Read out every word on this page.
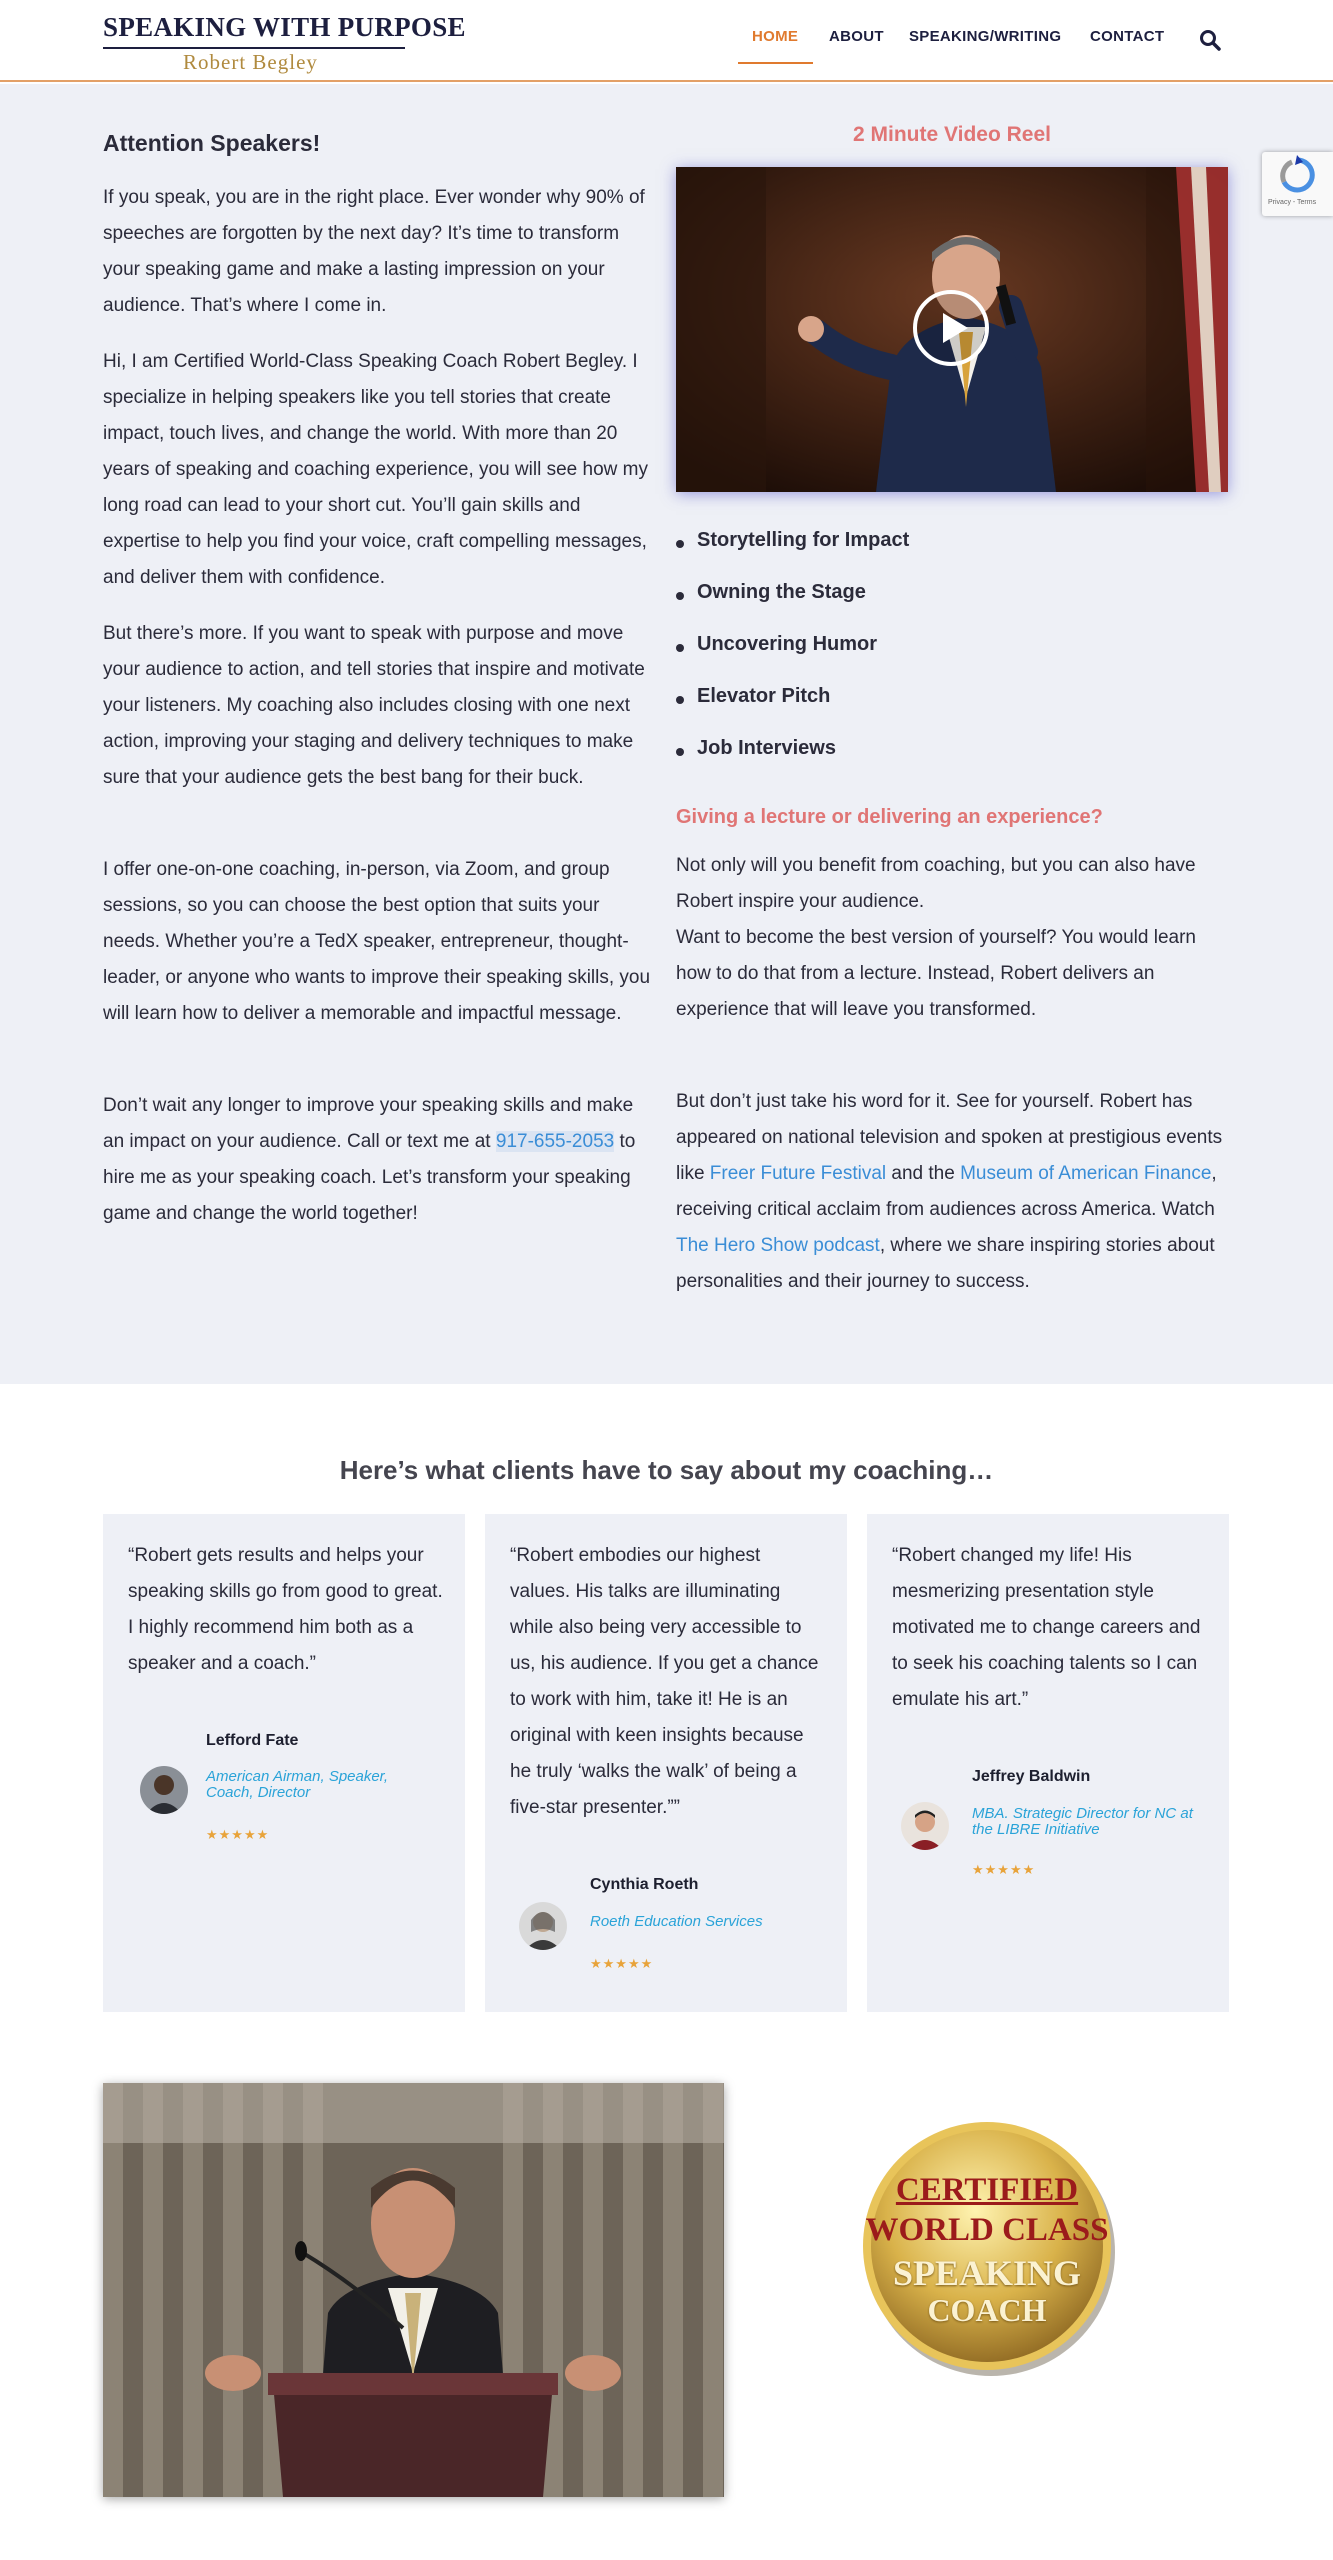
SPEAKING WITH PURPOSE
Robert Begley
HOME ABOUT SPEAKING/WRITING CONTACT
Attention Speakers!

If you speak, you are in the right place. Ever wonder why 90% of speeches are forgotten by the next day? It’s time to transform your speaking game and make a lasting impression on your audience. That’s where I come in.

Hi, I am Certified World-Class Speaking Coach Robert Begley. I specialize in helping speakers like you tell stories that create impact, touch lives, and change the world. With more than 20 years of speaking and coaching experience, you will see how my long road can lead to your short cut. You’ll gain skills and expertise to help you find your voice, craft compelling messages, and deliver them with confidence.

But there’s more. If you want to speak with purpose and move your audience to action, and tell stories that inspire and motivate your listeners. My coaching also includes closing with one next action, improving your staging and delivery techniques to make sure that your audience gets the best bang for their buck.

I offer one-on-one coaching, in-person, via Zoom, and group sessions, so you can choose the best option that suits your needs. Whether you’re a TedX speaker, entrepreneur, thought-leader, or anyone who wants to improve their speaking skills, you will learn how to deliver a memorable and impactful message.

Don’t wait any longer to improve your speaking skills and make an impact on your audience. Call or text me at 917-655-2053 to hire me as your speaking coach. Let’s transform your speaking game and change the world together!

2 Minute Video Reel
Privacy - Terms
Storytelling for Impact
Owning the Stage
Uncovering Humor
Elevator Pitch
Job Interviews
Giving a lecture or delivering an experience?

Not only will you benefit from coaching, but you can also have Robert inspire your audience.

Want to become the best version of yourself? You would learn how to do that from a lecture. Instead, Robert delivers an experience that will leave you transformed.

But don’t just take his word for it. See for yourself. Robert has appeared on national television and spoken at prestigious events like Freer Future Festival and the Museum of American Finance, receiving critical acclaim from audiences across America. Watch The Hero Show podcast, where we share inspiring stories about personalities and their journey to success.

Here’s what clients have to say about my coaching…

“Robert gets results and helps your speaking skills go from good to great. I highly recommend him both as a speaker and a coach.”

Lefford Fate
American Airman, Speaker, Coach, Director
★★★★★

“Robert embodies our highest values. His talks are illuminating while also being very accessible to us, his audience. If you get a chance to work with him, take it! He is an original with keen insights because he truly ‘walks the walk’ of being a five-star presenter.””

Cynthia Roeth
Roeth Education Services
★★★★★

“Robert changed my life! His mesmerizing presentation style motivated me to change careers and to seek his coaching talents so I can emulate his art.”

Jeffrey Baldwin
MBA. Strategic Director for NC at the LIBRE Initiative
★★★★★
CERTIFIED
WORLD CLASS
SPEAKING
COACH
